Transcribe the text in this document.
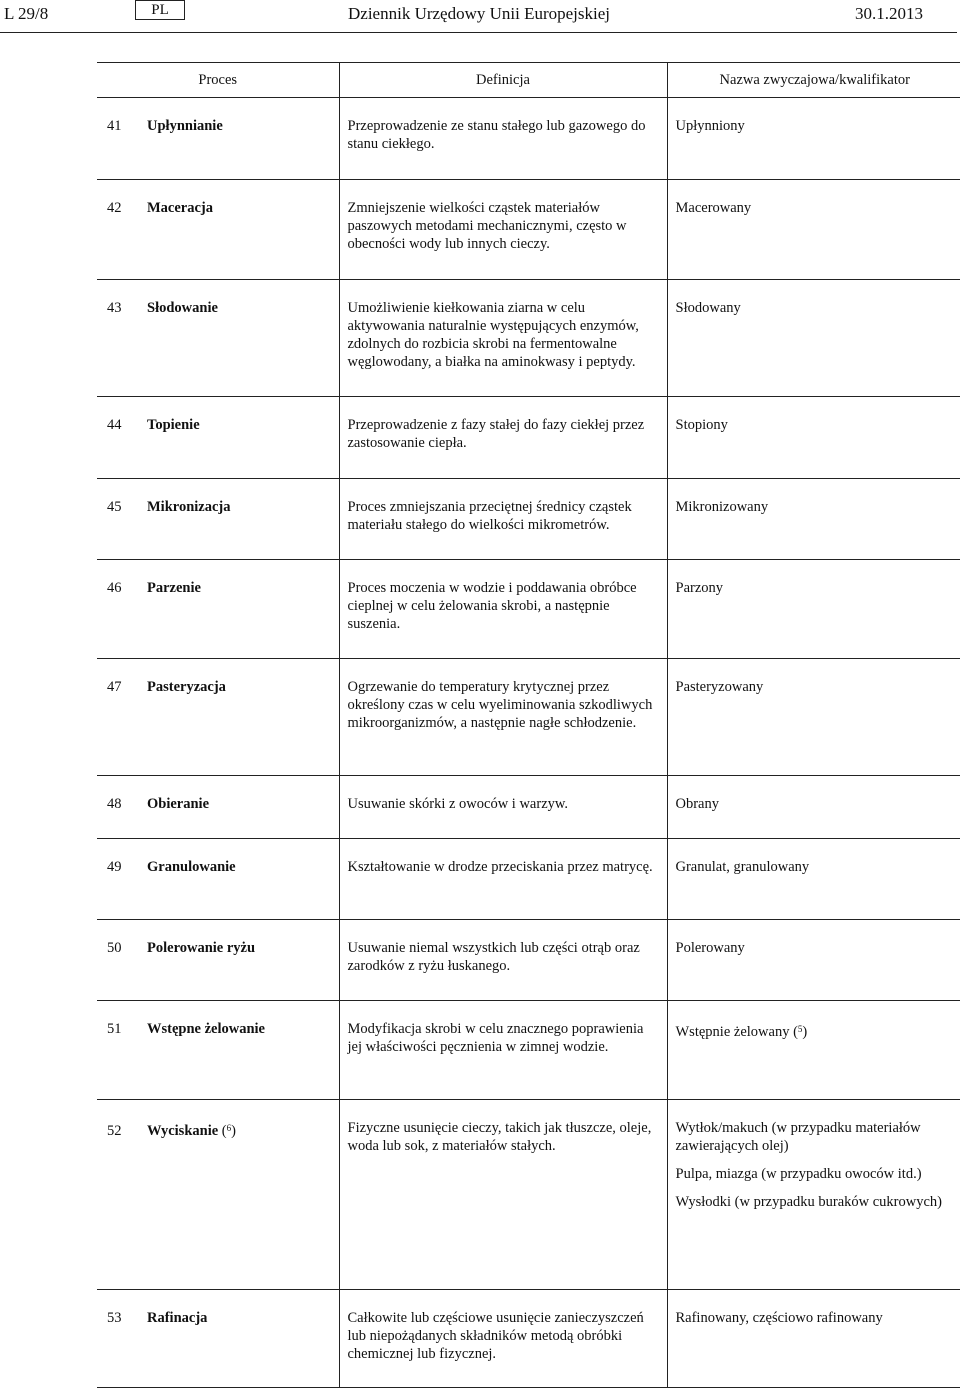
L 29/8	PL	Dziennik Urzędowy Unii Europejskiej	30.1.2013
Proces	Definicja	Nazwa zwyczajowa/kwalifikator
41 Upłynnianie	Przeprowadzenie ze stanu stałego lub gazowego do stanu ciekłego.	Upłynniony
42 Maceracja	Zmniejszenie wielkości cząstek materiałów paszowych metodami mechanicznymi, często w obecności wody lub innych cieczy.	Macerowany
43 Słodowanie	Umożliwienie kiełkowania ziarna w celu aktywowania naturalnie występujących enzymów, zdolnych do rozbicia skrobi na fermentowalne węglowodany, a białka na aminokwasy i peptydy.	Słodowany
44 Topienie	Przeprowadzenie z fazy stałej do fazy ciekłej przez zastosowanie ciepła.	Stopiony
45 Mikronizacja	Proces zmniejszania przeciętnej średnicy cząstek materiału stałego do wielkości mikrometrów.	Mikronizowany
46 Parzenie	Proces moczenia w wodzie i poddawania obróbce cieplnej w celu żelowania skrobi, a następnie suszenia.	Parzony
47 Pasteryzacja	Ogrzewanie do temperatury krytycznej przez określony czas w celu wyeliminowania szkodliwych mikroorganizmów, a następnie nagłe schłodzenie.	Pasteryzowany
48 Obieranie	Usuwanie skórki z owoców i warzyw.	Obrany
49 Granulowanie	Kształtowanie w drodze przeciskania przez matrycę.	Granulat, granulowany
50 Polerowanie ryżu	Usuwanie niemal wszystkich lub części otrąb oraz zarodków z ryżu łuskanego.	Polerowany
51 Wstępne żelowanie	Modyfikacja skrobi w celu znacznego poprawienia jej właściwości pęcznienia w zimnej wodzie.	Wstępnie żelowany ($^5$)
52 Wyciskanie ($^6$)	Fizyczne usunięcie cieczy, takich jak tłuszcze, oleje, woda lub sok, z materiałów stałych.	Wytłok/makuch (w przypadku materiałów zawierających olej)
Pulpa, miazga (w przypadku owoców itd.)
Wysłodki (w przypadku buraków cukrowych)

53 Rafinacja	Całkowite lub częściowe usunięcie zanieczyszczeń lub niepożądanych składników metodą obróbki chemicznej lub fizycznej.	Rafinowany, częściowo rafinowany
